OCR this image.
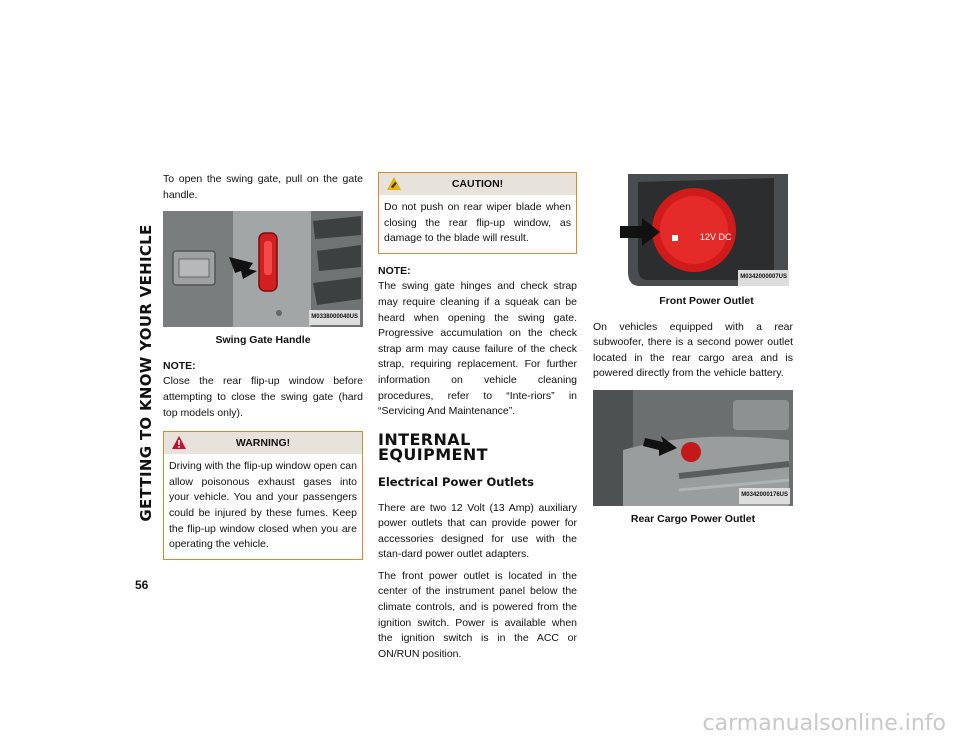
GETTING TO KNOW YOUR VEHICLE
56

To open the swing gate, pull on the gate handle.

M0338000040US
Swing Gate Handle
NOTE:

Close the rear flip-up window before attempting to close the swing gate (hard top models only).

WARNING!
Driving with the flip-up window open can allow poisonous exhaust gases into your vehicle. You and your passengers could be injured by these fumes. Keep the flip-up window closed when you are operating the vehicle.
CAUTION!
Do not push on rear wiper blade when closing the rear flip-up window, as damage to the blade will result.
NOTE:

The swing gate hinges and check strap may require cleaning if a squeak can be heard when opening the swing gate. Progressive accumulation on the check strap arm may cause failure of the check strap, requiring replacement. For further information on vehicle cleaning procedures, refer to “Inte-riors” in “Servicing And Maintenance”.

INTERNAL EQUIPMENT
Electrical Power Outlets

There are two 12 Volt (13 Amp) auxiliary power outlets that can provide power for accessories designed for use with the stan-dard power outlet adapters.

The front power outlet is located in the center of the instrument panel below the climate controls, and is powered from the ignition switch. Power is available when the ignition switch is in the ACC or ON/RUN position.

12V DC
M0342000007US
Front Power Outlet

On vehicles equipped with a rear subwoofer, there is a second power outlet located in the rear cargo area and is powered directly from the vehicle battery.

M0342000176US
Rear Cargo Power Outlet
carmanualsonline.info
